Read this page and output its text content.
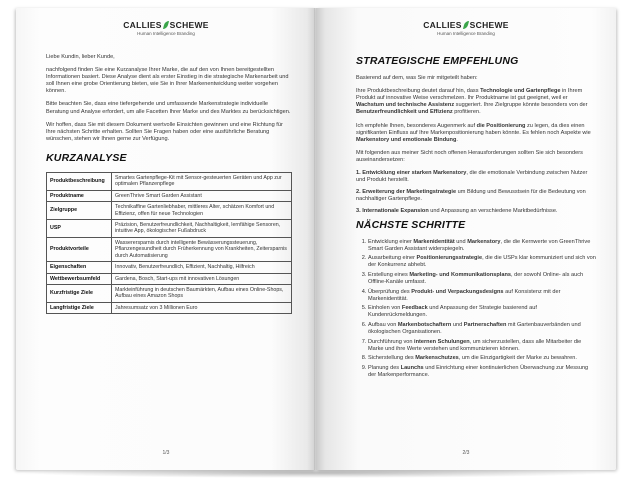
CALLIES SCHEWE
Human Intelligence Branding

Liebe Kundin, lieber Kunde,

nachfolgend finden Sie eine Kurzanalyse Ihrer Marke, die auf den von Ihnen bereitgestellten Informationen basiert. Diese Analyse dient als erster Einstieg in die strategische Markenarbeit und soll Ihnen eine grobe Orientierung bieten, wie Sie in Ihrer Markenentwicklung weiter vorgehen können.

Bitte beachten Sie, dass eine tiefergehende und umfassende Markenstrategie individuelle Beratung und Analyse erfordert, um alle Facetten Ihrer Marke und des Marktes zu berücksichtigen.

Wir hoffen, dass Sie mit diesem Dokument wertvolle Einsichten gewinnen und eine Richtung für Ihre nächsten Schritte erhalten. Sollten Sie Fragen haben oder eine ausführliche Beratung wünschen, stehen wir Ihnen gerne zur Verfügung.

KURZANALYSE
Produktbeschreibung	Smartes Gartenpflege-Kit mit Sensor-gesteuerten Geräten und App zur optimalen Pflanzenpflege
Produktname	GreenThrive Smart Garden Assistant
Zielgruppe	Technikaffine Gartenliebhaber, mittleres Alter, schätzen Komfort und Effizienz, offen für neue Technologien
USP	Präzision, Benutzerfreundlichkeit, Nachhaltigkeit, lernfähige Sensoren, intuitive App, ökologischer Fußabdruck
Produktvorteile	Wasserersparnis durch intelligente Bewässerungssteuerung, Pflanzengesundheit durch Früherkennung von Krankheiten, Zeitersparnis durch Automatisierung
Eigenschaften	Innovativ, Benutzerfreundlich, Effizient, Nachhaltig, Hilfreich
Wettbewerbsumfeld	Gardena, Bosch, Start-ups mit innovativen Lösungen
Kurzfristige Ziele	Markteinführung in deutschen Baumärkten, Aufbau eines Online-Shops, Aufbau eines Amazon Shops
Langfristige Ziele	Jahresumsatz von 3 Millionen Euro
1/3
CALLIES SCHEWE
Human Intelligence Branding
STRATEGISCHE EMPFEHLUNG

Basierend auf dem, was Sie mir mitgeteilt haben:

Ihre Produktbeschreibung deutet darauf hin, dass Technologie und Gartenpflege in Ihrem Produkt auf innovative Weise verschmelzen. Ihr Produktname ist gut geeignet, weil er Wachstum und technische Assistenz suggeriert. Ihre Zielgruppe könnte besonders von der Benutzerfreundlichkeit und Effizienz profitieren.

Ich empfehle Ihnen, besonderes Augenmerk auf die Positionierung zu legen, da dies einen signifikanten Einfluss auf Ihre Markenpositionierung haben könnte. Es fehlen noch Aspekte wie Markenstory und emotionale Bindung.

Mit folgenden aus meiner Sicht noch offenen Herausforderungen sollten Sie sich besonders auseinandersetzen:

1. Entwicklung einer starken Markenstory, die die emotionale Verbindung zwischen Nutzer und Produkt herstellt.

2. Erweiterung der Marketingstrategie um Bildung und Bewusstsein für die Bedeutung von nachhaltiger Gartenpflege.

3. Internationale Expansion und Anpassung an verschiedene Marktbedürfnisse.

NÄCHSTE SCHRITTE
1. Entwicklung einer Markenidentität und Markenstory, die die Kernwerte von GreenThrive Smart Garden Assistant widerspiegeln.
2. Ausarbeitung einer Positionierungsstrategie, die die USPs klar kommuniziert und sich von der Konkurrenz abhebt.
3. Erstellung eines Marketing- und Kommunikationsplans, der sowohl Online- als auch Offline-Kanäle umfasst.
4. Überprüfung des Produkt- und Verpackungsdesigns auf Konsistenz mit der Markenidentität.
5. Einholen von Feedback und Anpassung der Strategie basierend auf Kundenrückmeldungen.
6. Aufbau von Markenbotschaftern und Partnerschaften mit Gartenbauverbänden und ökologischen Organisationen.
7. Durchführung von internen Schulungen, um sicherzustellen, dass alle Mitarbeiter die Marke und ihre Werte verstehen und kommunizieren können.
8. Sicherstellung des Markenschutzes, um die Einzigartigkeit der Marke zu bewahren.
9. Planung des Launchs und Einrichtung einer kontinuierlichen Überwachung zur Messung der Markenperformance.
2/3
